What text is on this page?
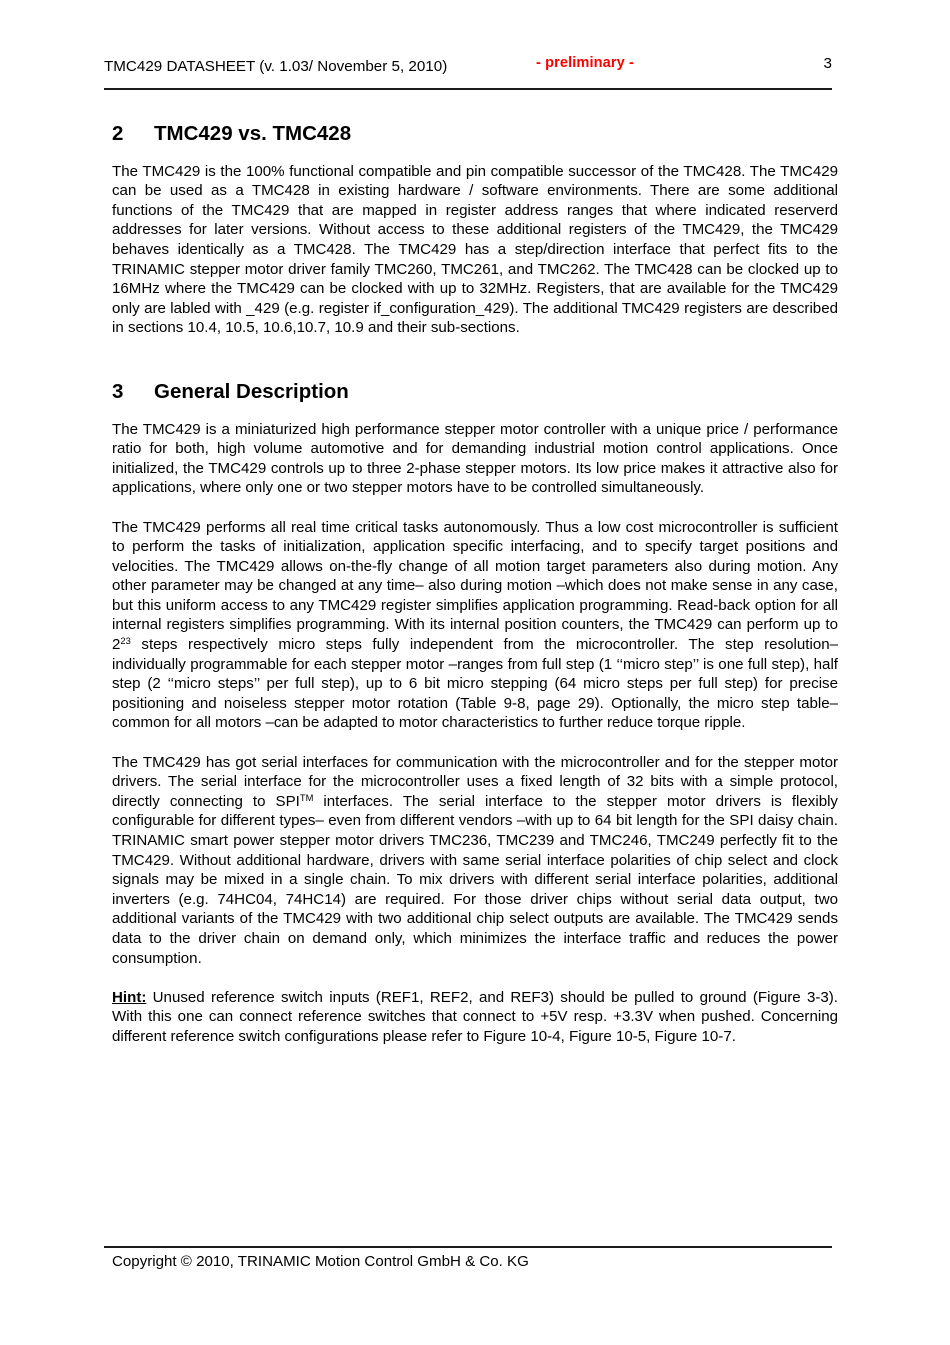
TMC429 DATASHEET (v. 1.03/ November 5, 2010)	- preliminary -	3
2	TMC429 vs. TMC428

The TMC429 is the 100% functional compatible and pin compatible successor of the TMC428. The TMC429 can be used as a TMC428 in existing hardware / software environments. There are some additional functions of the TMC429 that are mapped in register address ranges that where indicated reserverd addresses for later versions. Without access to these additional registers of the TMC429, the TMC429 behaves identically as a TMC428. The TMC429 has a step/direction interface that perfect fits to the TRINAMIC stepper motor driver family TMC260, TMC261, and TMC262. The TMC428 can be clocked up to 16MHz where the TMC429 can be clocked with up to 32MHz. Registers, that are available for the TMC429 only are labled with _429 (e.g. register if_configuration_429). The additional TMC429 registers are described in sections 10.4, 10.5, 10.6,10.7, 10.9 and their sub-sections.

3	General Description

The TMC429 is a miniaturized high performance stepper motor controller with a unique price / performance ratio for both, high volume automotive and for demanding industrial motion control applications. Once initialized, the TMC429 controls up to three 2-phase stepper motors. Its low price makes it attractive also for applications, where only one or two stepper motors have to be controlled simultaneously.

The TMC429 performs all real time critical tasks autonomously. Thus a low cost microcontroller is sufficient to perform the tasks of initialization, application specific interfacing, and to specify target positions and velocities. The TMC429 allows on-the-fly change of all motion target parameters also during motion. Any other parameter may be changed at any time– also during motion –which does not make sense in any case, but this uniform access to any TMC429 register simplifies application programming. Read-back option for all internal registers simplifies programming. With its internal position counters, the TMC429 can perform up to $2^{23}$ steps respectively micro steps fully independent from the microcontroller. The step resolution– individually programmable for each stepper motor –ranges from full step (1 ‘‘micro step’’ is one full step), half step (2 ‘‘micro steps’’ per full step), up to 6 bit micro stepping (64 micro steps per full step) for precise positioning and noiseless stepper motor rotation (Table 9-8, page 29). Optionally, the micro step table– common for all motors –can be adapted to motor characteristics to further reduce torque ripple.

The TMC429 has got serial interfaces for communication with the microcontroller and for the stepper motor drivers. The serial interface for the microcontroller uses a fixed length of 32 bits with a simple protocol, directly connecting to SPI™ interfaces. The serial interface to the stepper motor drivers is flexibly configurable for different types– even from different vendors –with up to 64 bit length for the SPI daisy chain. TRINAMIC smart power stepper motor drivers TMC236, TMC239 and TMC246, TMC249 perfectly fit to the TMC429. Without additional hardware, drivers with same serial interface polarities of chip select and clock signals may be mixed in a single chain. To mix drivers with different serial interface polarities, additional inverters (e.g. 74HC04, 74HC14) are required. For those driver chips without serial data output, two additional variants of the TMC429 with two additional chip select outputs are available. The TMC429 sends data to the driver chain on demand only, which minimizes the interface traffic and reduces the power consumption.

Hint: Unused reference switch inputs (REF1, REF2, and REF3) should be pulled to ground (Figure 3-3). With this one can connect reference switches that connect to +5V resp. +3.3V when pushed. Concerning different reference switch configurations please refer to Figure 10-4, Figure 10-5, Figure 10-7.

Copyright © 2010, TRINAMIC Motion Control GmbH & Co. KG
